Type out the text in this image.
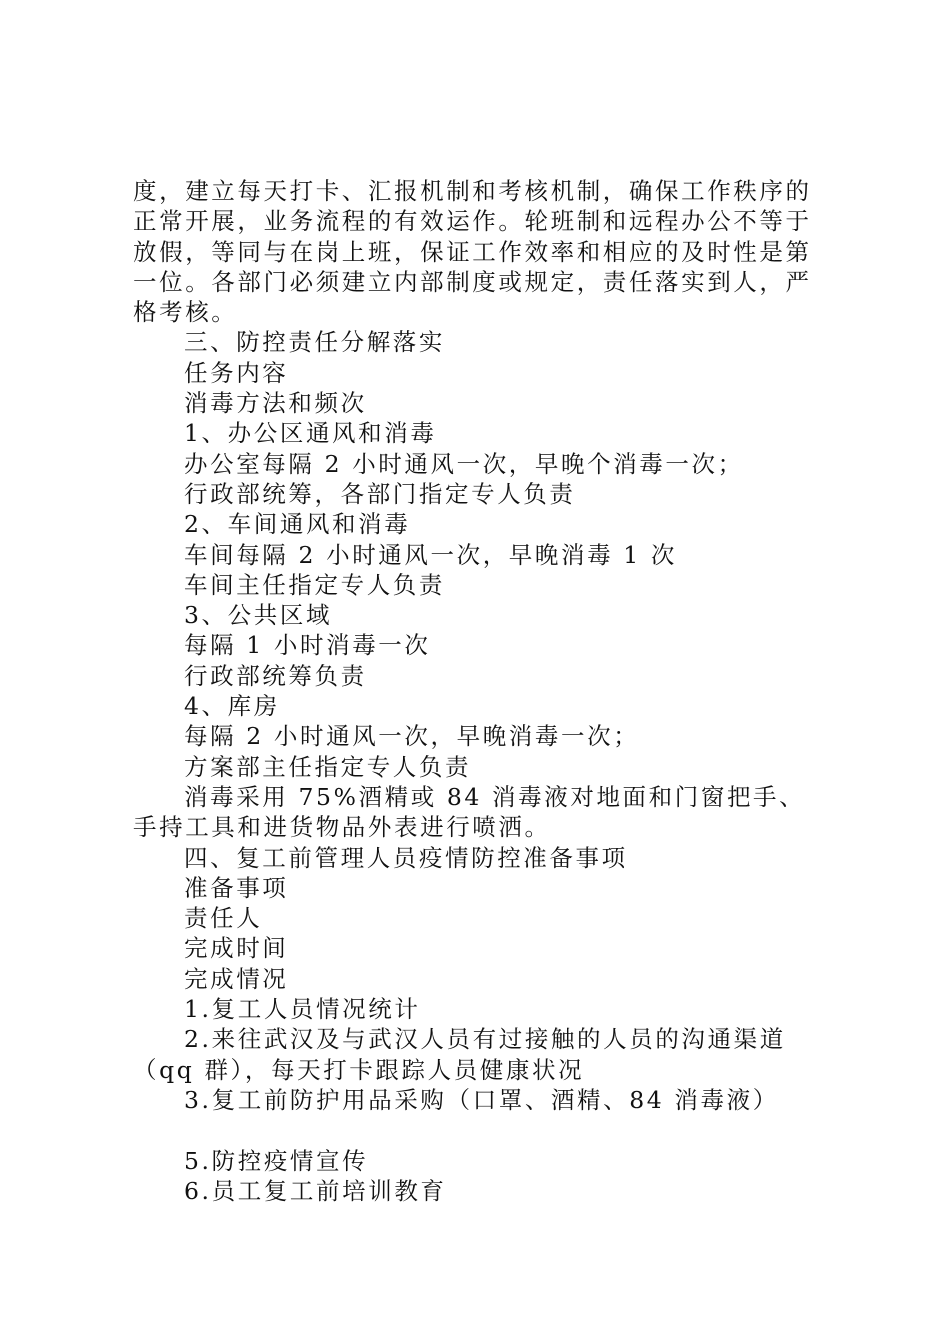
度，建立每天打卡、汇报机制和考核机制，确保工作秩序的正常开展，业务流程的有效运作。轮班制和远程办公不等于放假，等同与在岗上班，保证工作效率和相应的及时性是第一位。各部门必须建立内部制度或规定，责任落实到人，严格考核。

三、防控责任分解落实

任务内容

消毒方法和频次

1、办公区通风和消毒

办公室每隔 2 小时通风一次，早晚个消毒一次；

行政部统筹，各部门指定专人负责

2、车间通风和消毒

车间每隔 2 小时通风一次，早晚消毒 1 次

车间主任指定专人负责

3、公共区域

每隔 1 小时消毒一次

行政部统筹负责

4、库房

每隔 2 小时通风一次，早晚消毒一次；

方案部主任指定专人负责

消毒采用 75%酒精或 84 消毒液对地面和门窗把手、手持工具和进货物品外表进行喷洒。

四、复工前管理人员疫情防控准备事项

准备事项

责任人

完成时间

完成情况

1.复工人员情况统计

2.来往武汉及与武汉人员有过接触的人员的沟通渠道（qq 群），每天打卡跟踪人员健康状况

3.复工前防护用品采购（口罩、酒精、84 消毒液）

5.防控疫情宣传

6.员工复工前培训教育
